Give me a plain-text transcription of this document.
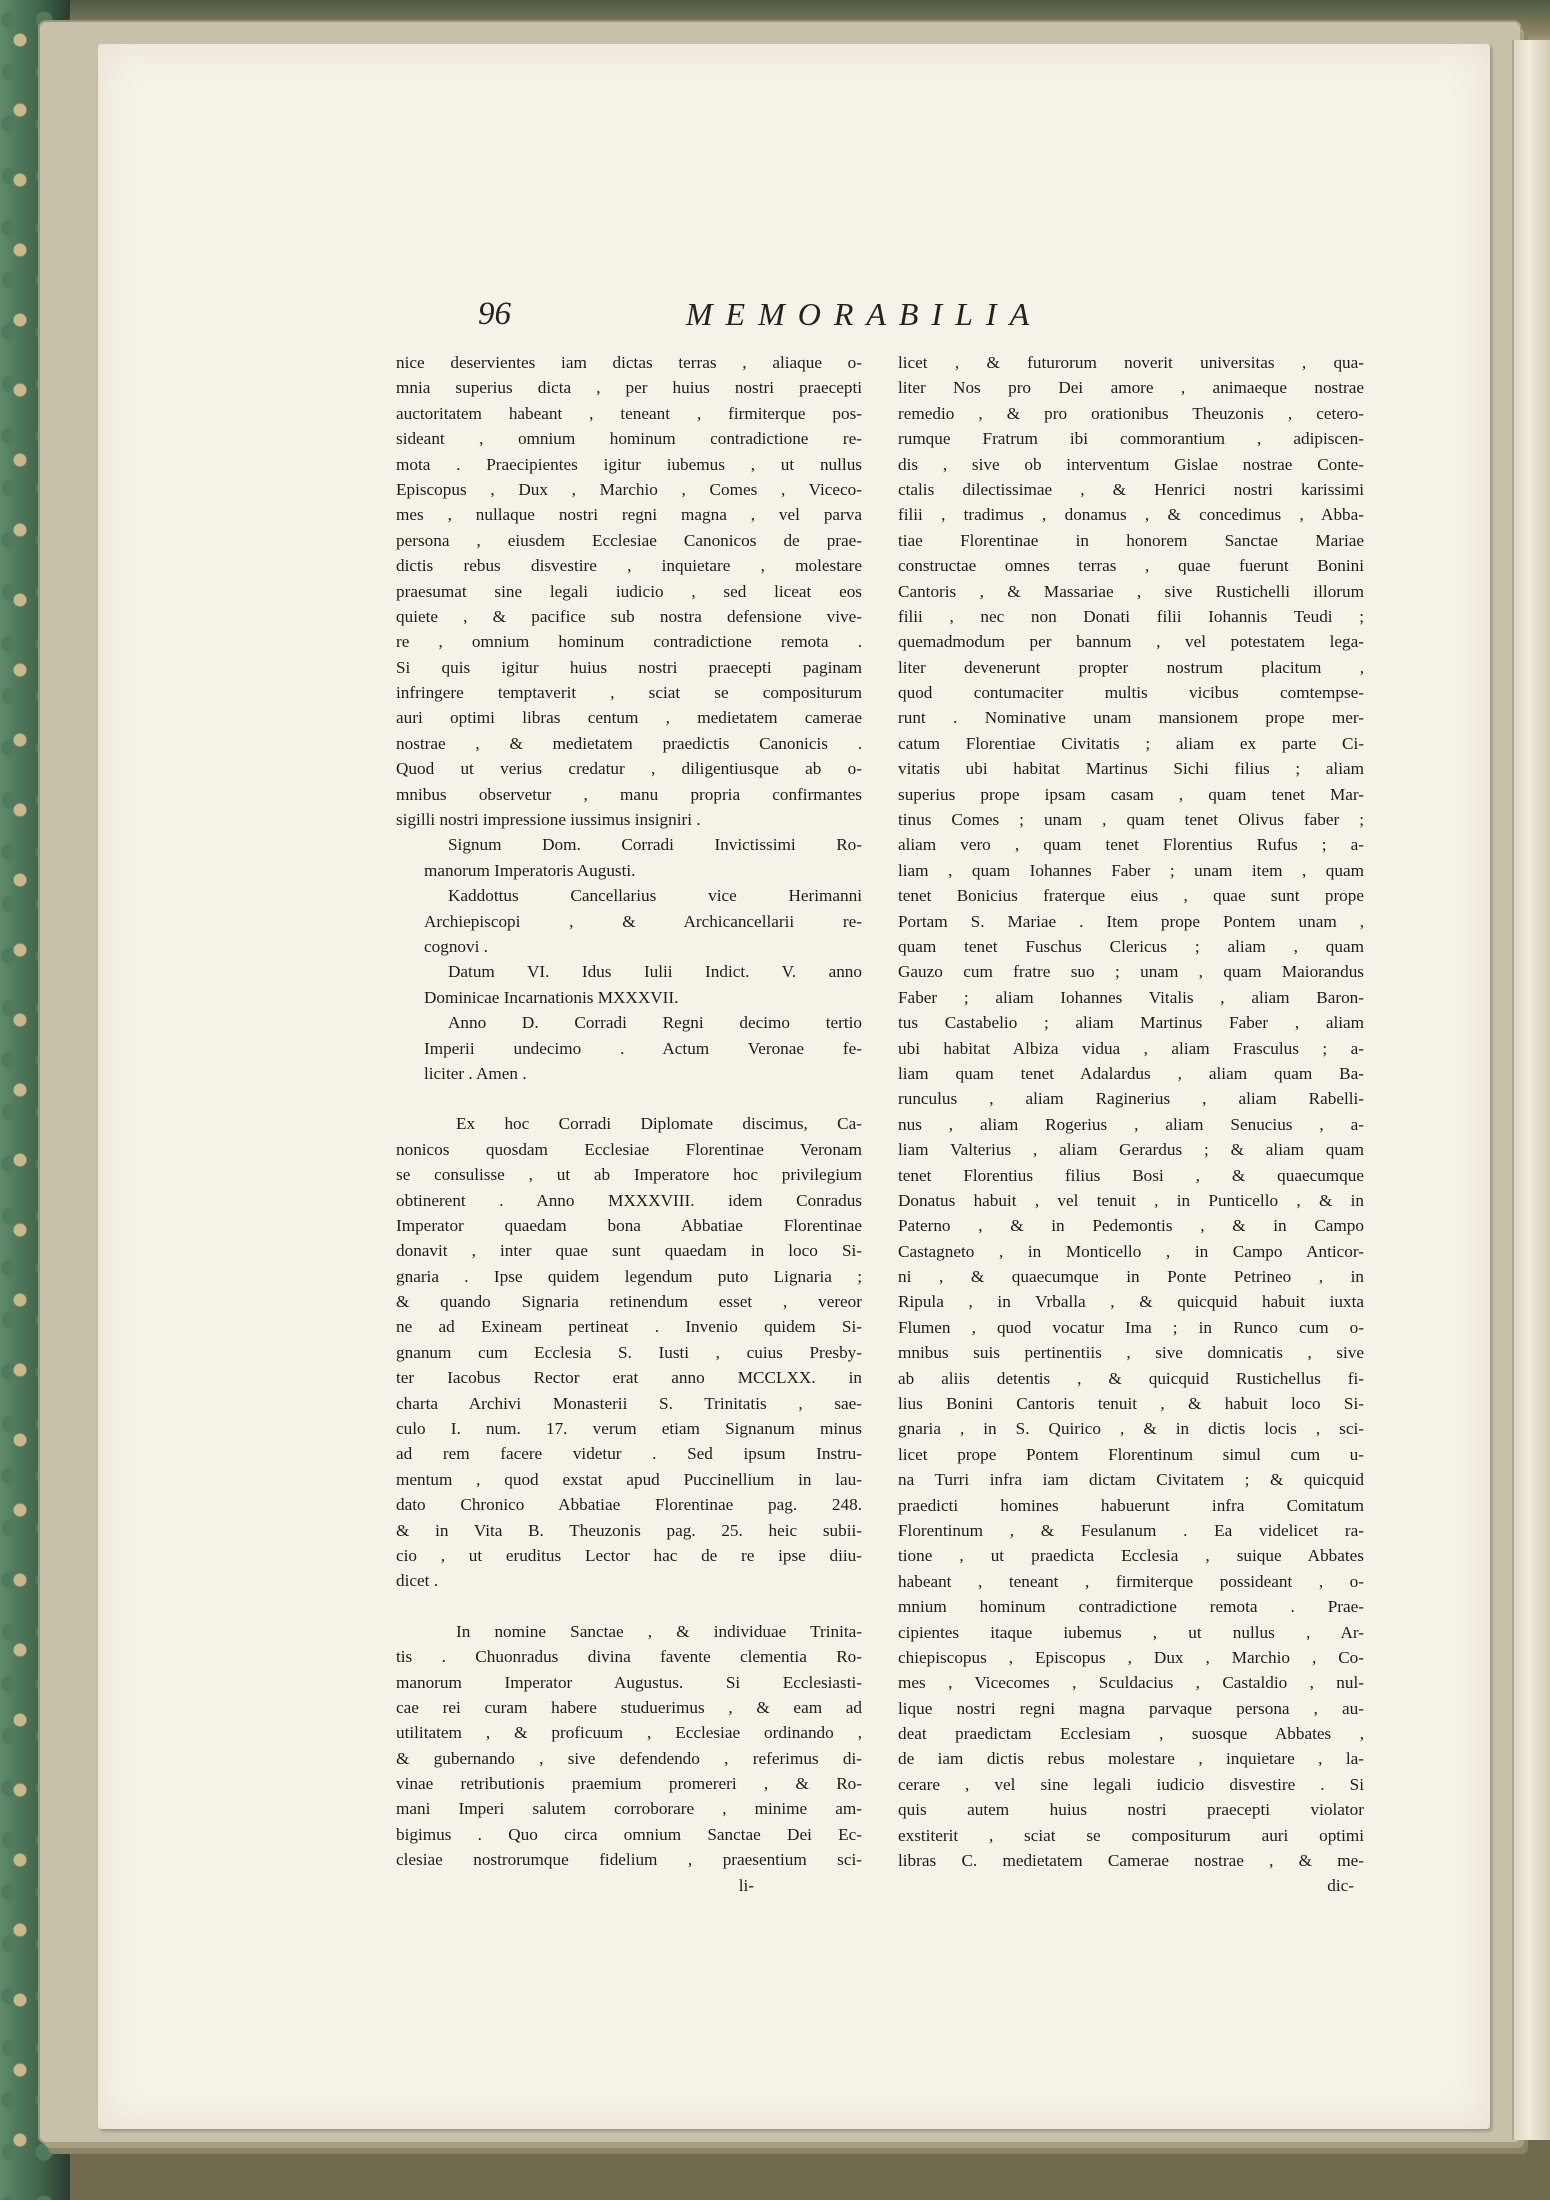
96	MEMORABILIA
nice deservientes iam dictas terras , aliaque o-
mnia superius dicta , per huius nostri praecepti
auctoritatem habeant , teneant , firmiterque pos-
sideant , omnium hominum contradictione re-
mota . Praecipientes igitur iubemus , ut nullus
Episcopus , Dux , Marchio , Comes , Viceco-
mes , nullaque nostri regni magna , vel parva
persona , eiusdem Ecclesiae Canonicos de prae-
dictis rebus disvestire , inquietare , molestare
praesumat sine legali iudicio , sed liceat eos
quiete , & pacifice sub nostra defensione vive-
re , omnium hominum contradictione remota .
Si quis igitur huius nostri praecepti paginam
infringere temptaverit , sciat se compositurum
auri optimi libras centum , medietatem camerae
nostrae , & medietatem praedictis Canonicis .
Quod ut verius credatur , diligentiusque ab o-
mnibus observetur , manu propria confirmantes
sigilli nostri impressione iussimus insigniri .
Signum Dom. Corradi Invictissimi Ro-
manorum Imperatoris Augusti.
Kaddottus Cancellarius vice Herimanni
Archiepiscopi , & Archicancellarii re-
cognovi .
Datum VI. Idus Iulii Indict. V. anno
Dominicae Incarnationis MXXXVII.
Anno D. Corradi Regni decimo tertio
Imperii undecimo . Actum Veronae fe-
liciter . Amen .
Ex hoc Corradi Diplomate discimus, Ca-
nonicos quosdam Ecclesiae Florentinae Veronam
se consulisse , ut ab Imperatore hoc privilegium
obtinerent . Anno MXXXVIII. idem Conradus
Imperator quaedam bona Abbatiae Florentinae
donavit , inter quae sunt quaedam in loco Si-
gnaria . Ipse quidem legendum puto Lignaria ;
& quando Signaria retinendum esset , vereor
ne ad Exineam pertineat . Invenio quidem Si-
gnanum cum Ecclesia S. Iusti , cuius Presby-
ter Iacobus Rector erat anno MCCLXX. in
charta Archivi Monasterii S. Trinitatis , sae-
culo I. num. 17. verum etiam Signanum minus
ad rem facere videtur . Sed ipsum Instru-
mentum , quod exstat apud Puccinellium in lau-
dato Chronico Abbatiae Florentinae pag. 248.
& in Vita B. Theuzonis pag. 25. heic subii-
cio , ut eruditus Lector hac de re ipse diiu-
dicet .
In nomine Sanctae , & individuae Trinita-
tis . Chuonradus divina favente clementia Ro-
manorum Imperator Augustus. Si Ecclesiasti-
cae rei curam habere studuerimus , & eam ad
utilitatem , & proficuum , Ecclesiae ordinando ,
& gubernando , sive defendendo , referimus di-
vinae retributionis praemium promereri , & Ro-
mani Imperi salutem corroborare , minime am-
bigimus . Quo circa omnium Sanctae Dei Ec-
clesiae nostrorumque fidelium , praesentium sci-
li-
licet , & futurorum noverit universitas , qua-
liter Nos pro Dei amore , animaeque nostrae
remedio , & pro orationibus Theuzonis , cetero-
rumque Fratrum ibi commorantium , adipiscen-
dis , sive ob interventum Gislae nostrae Conte-
ctalis dilectissimae , & Henrici nostri karissimi
filii , tradimus , donamus , & concedimus , Abba-
tiae Florentinae in honorem Sanctae Mariae
constructae omnes terras , quae fuerunt Bonini
Cantoris , & Massariae , sive Rustichelli illorum
filii , nec non Donati filii Iohannis Teudi ;
quemadmodum per bannum , vel potestatem lega-
liter devenerunt propter nostrum placitum ,
quod contumaciter multis vicibus comtempse-
runt . Nominative unam mansionem prope mer-
catum Florentiae Civitatis ; aliam ex parte Ci-
vitatis ubi habitat Martinus Sichi filius ; aliam
superius prope ipsam casam , quam tenet Mar-
tinus Comes ; unam , quam tenet Olivus faber ;
aliam vero , quam tenet Florentius Rufus ; a-
liam , quam Iohannes Faber ; unam item , quam
tenet Bonicius fraterque eius , quae sunt prope
Portam S. Mariae . Item prope Pontem unam ,
quam tenet Fuschus Clericus ; aliam , quam
Gauzo cum fratre suo ; unam , quam Maiorandus
Faber ; aliam Iohannes Vitalis , aliam Baron-
tus Castabelio ; aliam Martinus Faber , aliam
ubi habitat Albiza vidua , aliam Frasculus ; a-
liam quam tenet Adalardus , aliam quam Ba-
runculus , aliam Raginerius , aliam Rabelli-
nus , aliam Rogerius , aliam Senucius , a-
liam Valterius , aliam Gerardus ; & aliam quam
tenet Florentius filius Bosi , & quaecumque
Donatus habuit , vel tenuit , in Punticello , & in
Paterno , & in Pedemontis , & in Campo
Castagneto , in Monticello , in Campo Anticor-
ni , & quaecumque in Ponte Petrineo , in
Ripula , in Vrballa , & quicquid habuit iuxta
Flumen , quod vocatur Ima ; in Runco cum o-
mnibus suis pertinentiis , sive domnicatis , sive
ab aliis detentis , & quicquid Rustichellus fi-
lius Bonini Cantoris tenuit , & habuit loco Si-
gnaria , in S. Quirico , & in dictis locis , sci-
licet prope Pontem Florentinum simul cum u-
na Turri infra iam dictam Civitatem ; & quicquid
praedicti homines habuerunt infra Comitatum
Florentinum , & Fesulanum . Ea videlicet ra-
tione , ut praedicta Ecclesia , suique Abbates
habeant , teneant , firmiterque possideant , o-
mnium hominum contradictione remota . Prae-
cipientes itaque iubemus , ut nullus , Ar-
chiepiscopus , Episcopus , Dux , Marchio , Co-
mes , Vicecomes , Sculdacius , Castaldio , nul-
lique nostri regni magna parvaque persona , au-
deat praedictam Ecclesiam , suosque Abbates ,
de iam dictis rebus molestare , inquietare , la-
cerare , vel sine legali iudicio disvestire . Si
quis autem huius nostri praecepti violator
exstiterit , sciat se compositurum auri optimi
libras C. medietatem Camerae nostrae , & me-
dic-
